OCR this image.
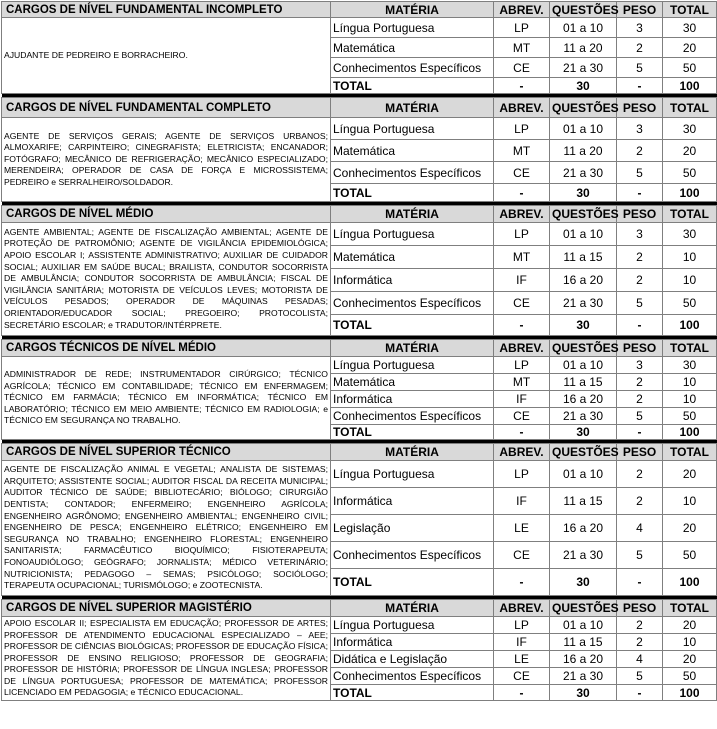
CARGOS DE NÍVEL FUNDAMENTAL INCOMPLETO	MATÉRIA	ABREV.	QUESTÕES	PESO	TOTAL
AJUDANTE DE PEDREIRO E BORRACHEIRO.	Língua Portuguesa	LP	01 a 10	3	30
	Matemática	MT	11 a 20	2	20
	Conhecimentos Específicos	CE	21 a 30	5	50
	TOTAL	-	30	-	100

CARGOS DE NÍVEL FUNDAMENTAL COMPLETO	MATÉRIA	ABREV.	QUESTÕES	PESO	TOTAL
AGENTE DE SERVIÇOS GERAIS; AGENTE DE SERVIÇOS URBANOS; ALMOXARIFE; CARPINTEIRO; CINEGRAFISTA; ELETRICISTA; ENCANADOR; FOTÓGRAFO; MECÂNICO DE REFRIGERAÇÃO; MECÂNICO ESPECIALIZADO; MERENDEIRA; OPERADOR DE CASA DE FORÇA E MICROSSISTEMA; PEDREIRO e SERRALHEIRO/SOLDADOR.	Língua Portuguesa	LP	01 a 10	3	30
	Matemática	MT	11 a 20	2	20
	Conhecimentos Específicos	CE	21 a 30	5	50
	TOTAL	-	30	-	100

CARGOS DE NÍVEL MÉDIO	MATÉRIA	ABREV.	QUESTÕES	PESO	TOTAL
AGENTE AMBIENTAL; AGENTE DE FISCALIZAÇÃO AMBIENTAL; AGENTE DE PROTEÇÃO DE PATROMÔNIO; AGENTE DE VIGILÂNCIA EPIDEMIOLÓGICA; APOIO ESCOLAR I; ASSISTENTE ADMINISTRATIVO; AUXILIAR DE CUIDADOR SOCIAL; AUXILIAR EM SAÚDE BUCAL; BRAILISTA, CONDUTOR SOCORRISTA DE AMBULÂNCIA; CONDUTOR SOCORRISTA DE AMBULÂNCIA; FISCAL DE VIGILÂNCIA SANITÁRIA; MOTORISTA DE VEÍCULOS LEVES; MOTORISTA DE VEÍCULOS PESADOS; OPERADOR DE MÁQUINAS PESADAS; ORIENTADOR/EDUCADOR SOCIAL; PREGOEIRO; PROTOCOLISTA; SECRETÁRIO ESCOLAR; e TRADUTOR/INTÉRPRETE.	Língua Portuguesa	LP	01 a 10	3	30
	Matemática	MT	11 a 15	2	10
	Informática	IF	16 a 20	2	10
	Conhecimentos Específicos	CE	21 a 30	5	50
	TOTAL	-	30	-	100

CARGOS TÉCNICOS DE NÍVEL MÉDIO	MATÉRIA	ABREV.	QUESTÕES	PESO	TOTAL
ADMINISTRADOR DE REDE; INSTRUMENTADOR CIRÚRGICO; TÉCNICO AGRÍCOLA; TÉCNICO EM CONTABILIDADE; TÉCNICO EM ENFERMAGEM; TÉCNICO EM FARMÁCIA; TÉCNICO EM INFORMÁTICA; TÉCNICO EM LABORATÓRIO; TÉCNICO EM MEIO AMBIENTE; TÉCNICO EM RADIOLOGIA; e TÉCNICO EM SEGURANÇA NO TRABALHO.	Língua Portuguesa	LP	01 a 10	3	30
	Matemática	MT	11 a 15	2	10
	Informática	IF	16 a 20	2	10
	Conhecimentos Específicos	CE	21 a 30	5	50
	TOTAL	-	30	-	100

CARGOS DE NÍVEL SUPERIOR TÉCNICO	MATÉRIA	ABREV.	QUESTÕES	PESO	TOTAL
AGENTE DE FISCALIZAÇÃO ANIMAL E VEGETAL; ANALISTA DE SISTEMAS; ARQUITETO; ASSISTENTE SOCIAL; AUDITOR FISCAL DA RECEITA MUNICIPAL; AUDITOR TÉCNICO DE SAÚDE; BIBLIOTECÁRIO; BIÓLOGO; CIRURGIÃO DENTISTA; CONTADOR; ENFERMEIRO; ENGENHEIRO AGRÍCOLA; ENGENHEIRO AGRÔNOMO; ENGENHEIRO AMBIENTAL; ENGENHEIRO CIVIL; ENGENHEIRO DE PESCA; ENGENHEIRO ELÉTRICO; ENGENHEIRO EM SEGURANÇA NO TRABALHO; ENGENHEIRO FLORESTAL; ENGENHEIRO SANITARISTA; FARMACÊUTICO BIOQUÍMICO; FISIOTERAPEUTA; FONOAUDIÓLOGO; GEÓGRAFO; JORNALISTA; MÉDICO VETERINÁRIO; NUTRICIONISTA; PEDAGOGO – SEMAS; PSICÓLOGO; SOCIÓLOGO; TERAPEUTA OCUPACIONAL; TURISMÓLOGO; e ZOOTECNISTA.	Língua Portuguesa	LP	01 a 10	2	20
	Informática	IF	11 a 15	2	10
	Legislação	LE	16 a 20	4	20
	Conhecimentos Específicos	CE	21 a 30	5	50
	TOTAL	-	30	-	100

CARGOS DE NÍVEL SUPERIOR MAGISTÉRIO	MATÉRIA	ABREV.	QUESTÕES	PESO	TOTAL
APOIO ESCOLAR II; ESPECIALISTA EM EDUCAÇÃO; PROFESSOR DE ARTES; PROFESSOR DE ATENDIMENTO EDUCACIONAL ESPECIALIZADO – AEE; PROFESSOR DE CIÊNCIAS BIOLÓGICAS; PROFESSOR DE EDUCAÇÃO FÍSICA; PROFESSOR DE ENSINO RELIGIOSO; PROFESSOR DE GEOGRAFIA; PROFESSOR DE HISTÓRIA; PROFESSOR DE LÍNGUA INGLESA; PROFESSOR DE LÍNGUA PORTUGUESA; PROFESSOR DE MATEMÁTICA; PROFESSOR LICENCIADO EM PEDAGOGIA; e TÉCNICO EDUCACIONAL.	Língua Portuguesa	LP	01 a 10	2	20
	Informática	IF	11 a 15	2	10
	Didática e Legislação	LE	16 a 20	4	20
	Conhecimentos Específicos	CE	21 a 30	5	50
	TOTAL	-	30	-	100
